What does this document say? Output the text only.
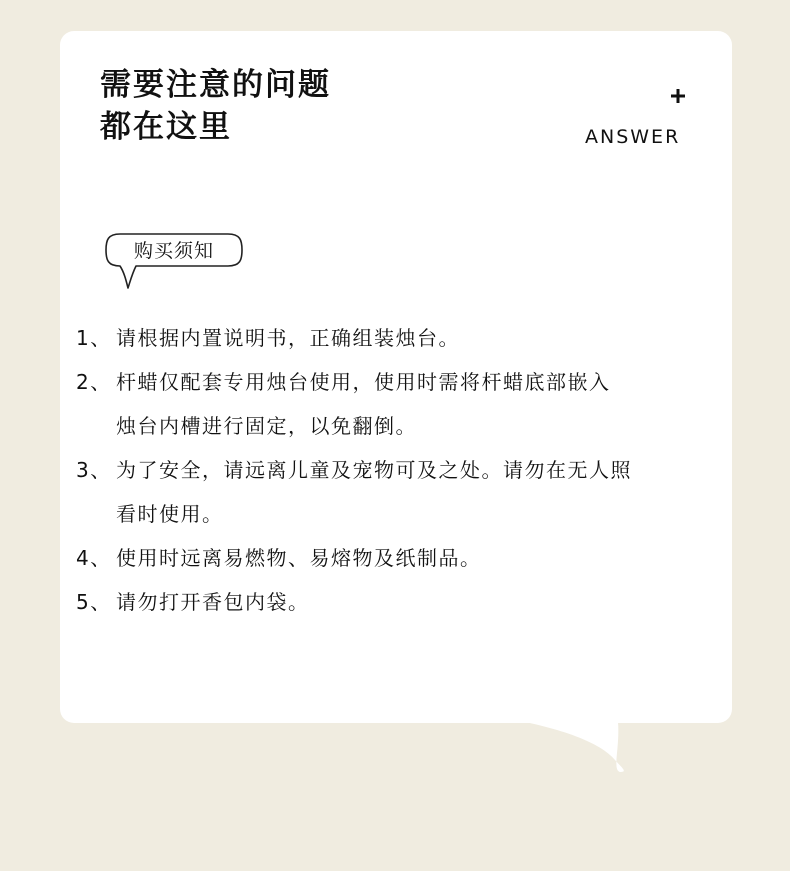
需要注意的问题
都在这里	ANSWER
购买须知
1、 请根据内置说明书，正确组装烛台。
2、 杆蜡仅配套专用烛台使用，使用时需将杆蜡底部嵌入
烛台内槽进行固定，以免翻倒。
3、 为了安全，请远离儿童及宠物可及之处。请勿在无人照
看时使用。
4、 使用时远离易燃物、易熔物及纸制品。
5、 请勿打开香包内袋。
